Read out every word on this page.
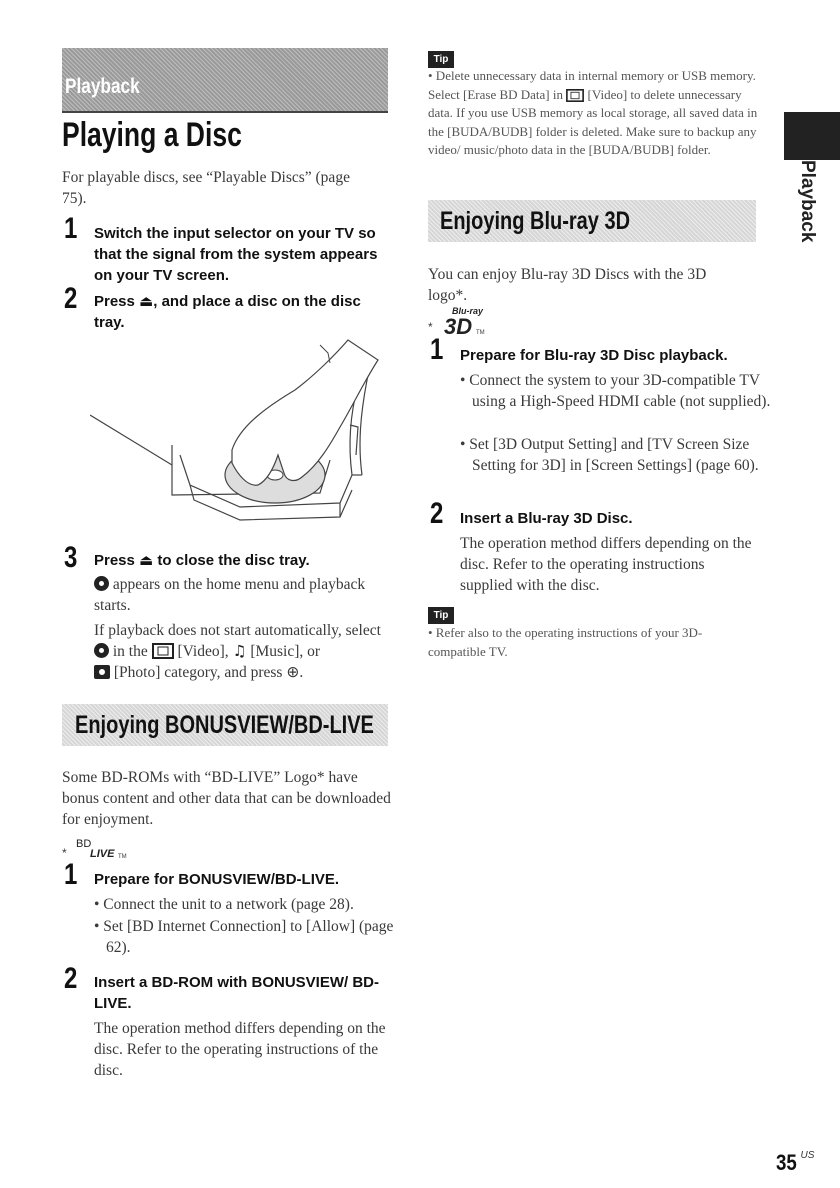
Playback
Playing a Disc
For playable discs, see “Playable Discs” (page 75).
1 Switch the input selector on your TV so that the signal from the system appears on your TV screen.
2 Press ⏏, and place a disc on the disc tray.
3 Press ⏏ to close the disc tray.
appears on the home menu and playback starts.
If playback does not start automatically, select  in the  [Video], ♫ [Music], or
[Photo] category, and press ⊕.
Tip
• Delete unnecessary data in internal memory or USB memory. Select [Erase BD Data] in  [Video] to delete unnecessary data. If you use USB memory as local storage, all saved data in the [BUDA/BUDB] folder is deleted. Make sure to backup any video/ music/photo data in the [BUDA/BUDB] folder.
Enjoying Blu-ray 3D
You can enjoy Blu-ray 3D Discs with the 3D logo*.
*
Blu-ray
3D TM
1 Prepare for Blu-ray 3D Disc playback.
• Connect the system to your 3D-compatible TV using a High-Speed HDMI cable (not supplied).
• Set [3D Output Setting] and [TV Screen Size Setting for 3D] in [Screen Settings] (page 60).
2 Insert a Blu-ray 3D Disc.
The operation method differs depending on the disc. Refer to the operating instructions supplied with the disc.
Tip
• Refer also to the operating instructions of your 3D-compatible TV.
Enjoying BONUSVIEW/BD-LIVE
Some BD-ROMs with “BD-LIVE” Logo* have bonus content and other data that can be downloaded for enjoyment.
*
BD
LIVE TM
1 Prepare for BONUSVIEW/BD-LIVE.
• Connect the unit to a network (page 28).
• Set [BD Internet Connection] to [Allow] (page 62).
2 Insert a BD-ROM with BONUSVIEW/ BD-LIVE.
The operation method differs depending on the disc. Refer to the operating instructions of the disc.
Playback
35 $^{US}$
